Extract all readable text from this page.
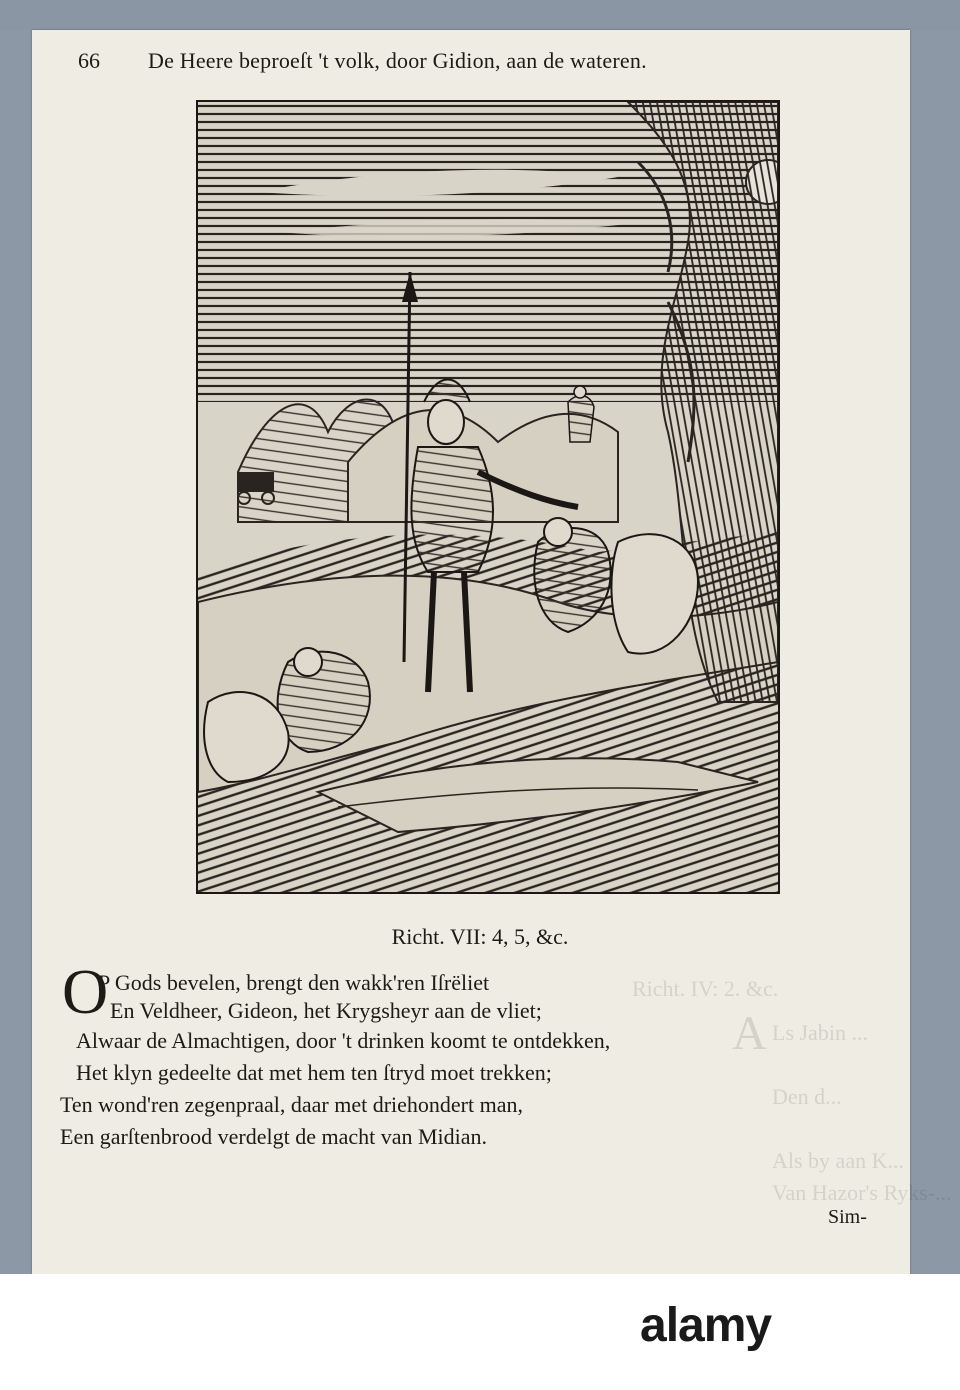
Richt. IV: 2. &c.
A Ls Jabin ...
Den d...
Als by aan K...
Van Hazor's Ryks-...
66 De Heere beproeſt 't volk, door Gidion, aan de wateren.
Richt. VII: 4, 5, &c.
O
P Gods bevelen, brengt den wakk'ren Iſrëliet
En Veldheer, Gideon, het Krygsheyr aan de vliet;
Alwaar de Almachtigen, door 't drinken koomt te ontdekken,
Het klyn gedeelte dat met hem ten ſtryd moet trekken;
Ten wond'ren zegenpraal, daar met driehondert man,
Een garſtenbrood verdelgt de macht van Midian.
Sim-
alamy
